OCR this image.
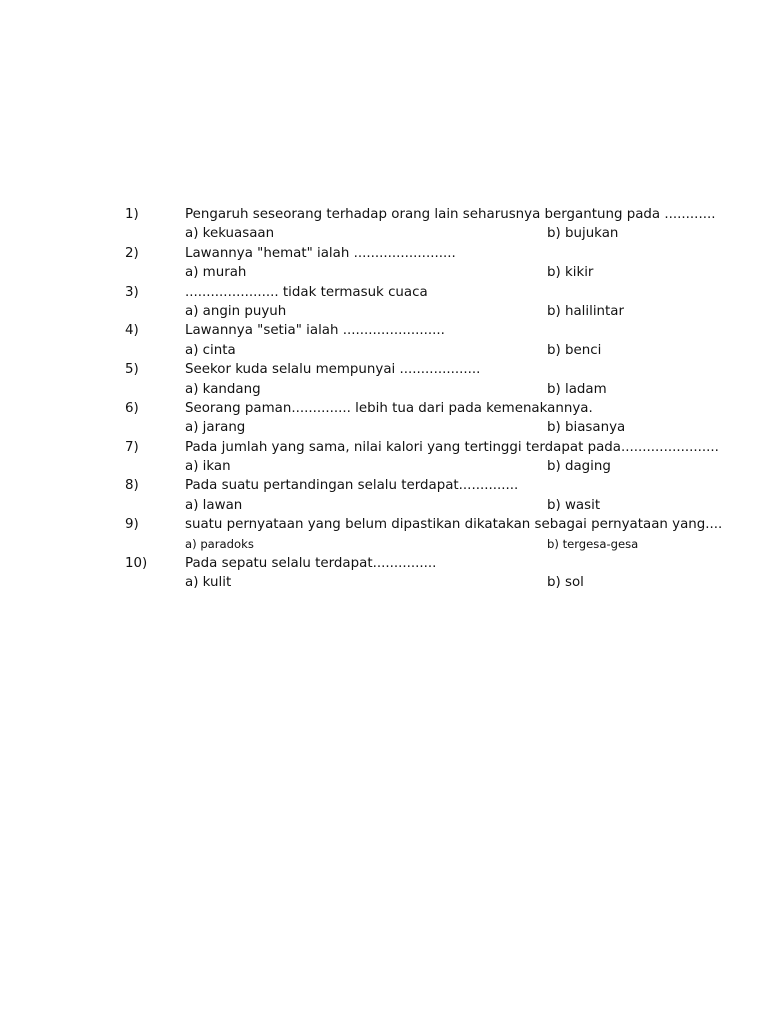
1)	Pengaruh seseorang terhadap orang lain seharusnya bergantung pada ............
a) kekuasaan	b) bujukan
2)	Lawannya "hemat" ialah ........................
a) murah	b) kikir
3)	...................... tidak termasuk cuaca
a) angin puyuh	b) halilintar
4)	Lawannya "setia" ialah ........................
a) cinta	b) benci
5)	Seekor kuda selalu mempunyai ...................
a) kandang	b) ladam
6)	Seorang paman.............. lebih tua dari pada kemenakannya.
a) jarang	b) biasanya
7)	Pada jumlah yang sama, nilai kalori yang tertinggi terdapat pada.......................
a) ikan	b) daging
8)	Pada suatu pertandingan selalu terdapat..............
a) lawan	b) wasit
9)	suatu pernyataan yang belum dipastikan dikatakan sebagai pernyataan yang....
a) paradoks	b) tergesa-gesa
10)	Pada sepatu selalu terdapat...............
a) kulit	b) sol
